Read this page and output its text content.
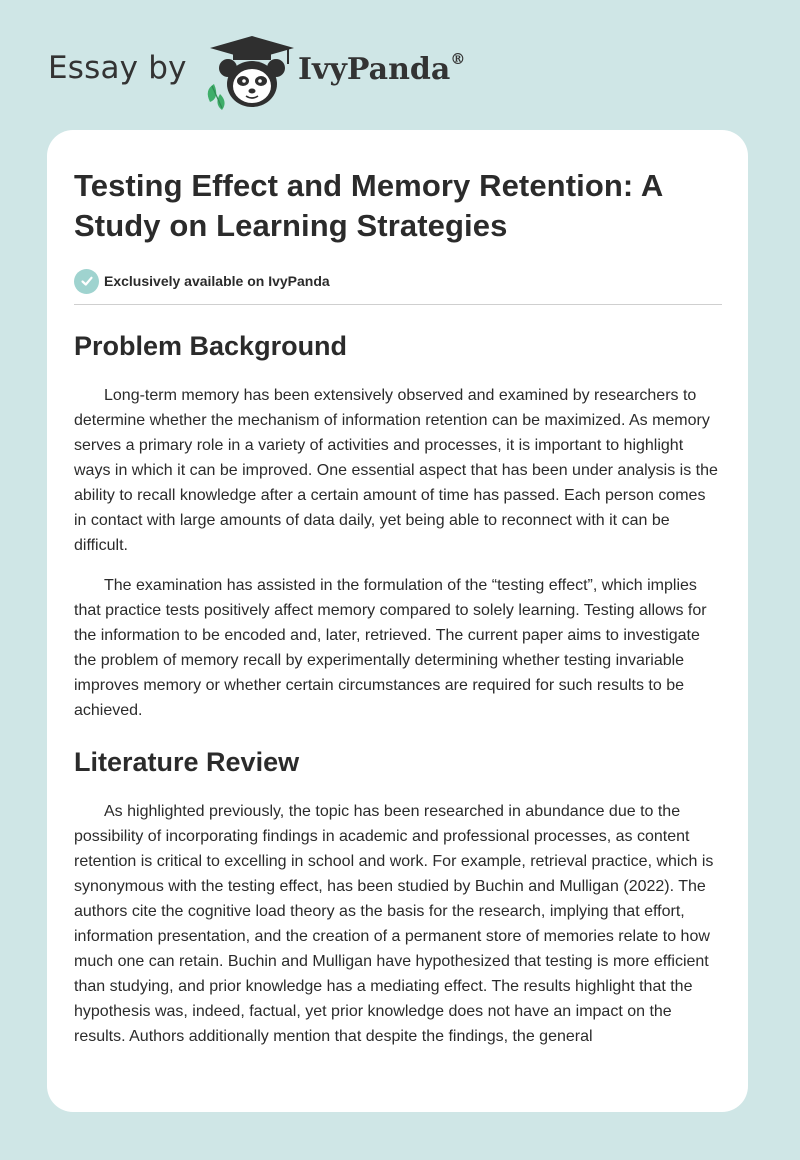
Essay by	IvyPanda®
Testing Effect and Memory Retention: A Study on Learning Strategies
Exclusively available on IvyPanda
Problem Background

Long-term memory has been extensively observed and examined by researchers to determine whether the mechanism of information retention can be maximized. As memory serves a primary role in a variety of activities and processes, it is important to highlight ways in which it can be improved. One essential aspect that has been under analysis is the ability to recall knowledge after a certain amount of time has passed. Each person comes in contact with large amounts of data daily, yet being able to reconnect with it can be difficult.

The examination has assisted in the formulation of the “testing effect”, which implies that practice tests positively affect memory compared to solely learning. Testing allows for the information to be encoded and, later, retrieved. The current paper aims to investigate the problem of memory recall by experimentally determining whether testing invariable improves memory or whether certain circumstances are required for such results to be achieved.

Literature Review

As highlighted previously, the topic has been researched in abundance due to the possibility of incorporating findings in academic and professional processes, as content retention is critical to excelling in school and work. For example, retrieval practice, which is synonymous with the testing effect, has been studied by Buchin and Mulligan (2022). The authors cite the cognitive load theory as the basis for the research, implying that effort, information presentation, and the creation of a permanent store of memories relate to how much one can retain. Buchin and Mulligan have hypothesized that testing is more efficient than studying, and prior knowledge has a mediating effect. The results highlight that the hypothesis was, indeed, factual, yet prior knowledge does not have an impact on the results. Authors additionally mention that despite the findings, the general
